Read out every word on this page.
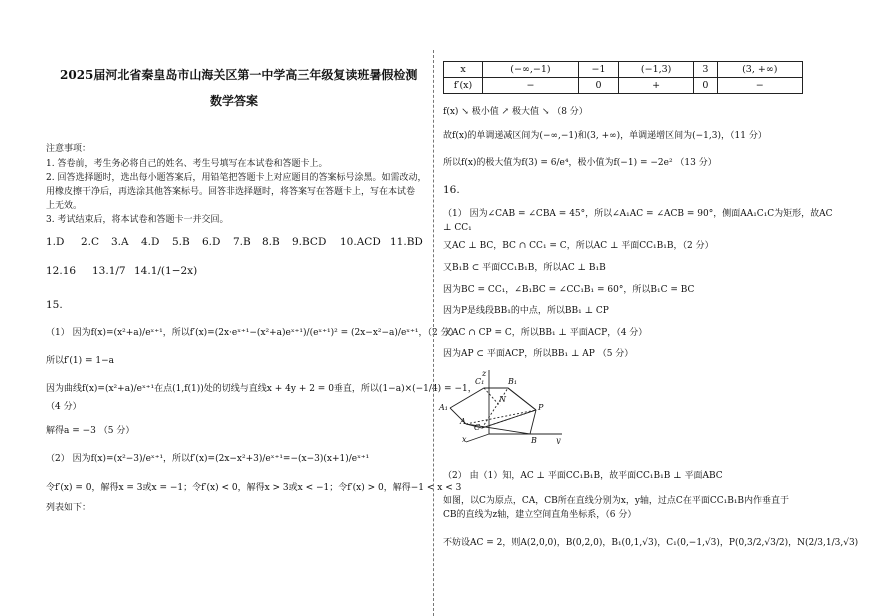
2025届河北省秦皇岛市山海关区第一中学高三年级复读班暑假检测
数学答案
注意事项：
1. 答卷前，考生务必将自己的姓名、考生号填写在本试卷和答题卡上。
2. 回答选择题时，选出每小题答案后，用铅笔把答题卡上对应题目的答案标号涂黑。如需改动，
用橡皮擦干净后，再选涂其他答案标号。回答非选择题时，将答案写在答题卡上，写在本试卷
上无效。
3. 考试结束后，将本试卷和答题卡一并交回。
1.D 2.C 3.A 4.D 5.B 6.D 7.B 8.B 9.BCD 10.ACD 11.BD
12.16 13.1/7 14.1/(1−2x)
15.
（1） 因为f(x)=(x²+a)/eˣ⁺¹，所以f′(x)=(2x·eˣ⁺¹−(x²+a)eˣ⁺¹)/(eˣ⁺¹)² = (2x−x²−a)/eˣ⁺¹，（2 分）
所以f′(1) = 1−a
因为曲线f(x)=(x²+a)/eˣ⁺¹在点(1,f(1))处的切线与直线x + 4y + 2 = 0垂直，所以(1−a)×(−1/4) = −1，
（4 分）
解得a = −3 （5 分）
（2） 因为f(x)=(x²−3)/eˣ⁺¹，所以f′(x)=(2x−x²+3)/eˣ⁺¹=−(x−3)(x+1)/eˣ⁺¹
令f′(x) = 0，解得x = 3或x = −1；令f′(x) < 0，解得x > 3或x < −1；令f′(x) > 0，解得−1 < x < 3
列表如下：
x	(−∞,−1)	−1	(−1,3)	3	(3, +∞)
f′(x)	−	0	+	0	−
f(x) ↘ 极小值 ↗ 极大值 ↘ （8 分）
故f(x)的单调递减区间为(−∞,−1)和(3, +∞)，单调递增区间为(−1,3)，（11 分）
所以f(x)的极大值为f(3) = 6/e⁴，极小值为f(−1) = −2e² （13 分）
16.
（1） 因为∠CAB = ∠CBA = 45°，所以∠A₁AC = ∠ACB = 90°，侧面AA₁C₁C为矩形，故AC
⊥ CC₁
又AC ⊥ BC，BC ∩ CC₁ = C，所以AC ⊥ 平面CC₁B₁B，（2 分）
又B₁B ⊂ 平面CC₁B₁B，所以AC ⊥ B₁B
因为BC = CC₁，∠B₁BC = ∠CC₁B₁ = 60°，所以B₁C = BC
因为P是线段BB₁的中点，所以BB₁ ⊥ CP
又AC ∩ CP = C，所以BB₁ ⊥ 平面ACP，（4 分）
因为AP ⊂ 平面ACP，所以BB₁ ⊥ AP （5 分）
z
C₁	B₁
A₁
N
P
A
C
B y
x
（2） 由（1）知，AC ⊥ 平面CC₁B₁B，故平面CC₁B₁B ⊥ 平面ABC
如图，以C为原点，CA，CB所在直线分别为x，y轴，过点C在平面CC₁B₁B内作垂直于
CB的直线为z轴，建立空间直角坐标系，（6 分）
不妨设AC = 2，则A(2,0,0)，B(0,2,0)，B₁(0,1,√3)，C₁(0,−1,√3)，P(0,3/2,√3/2)，N(2/3,1/3,√3)
